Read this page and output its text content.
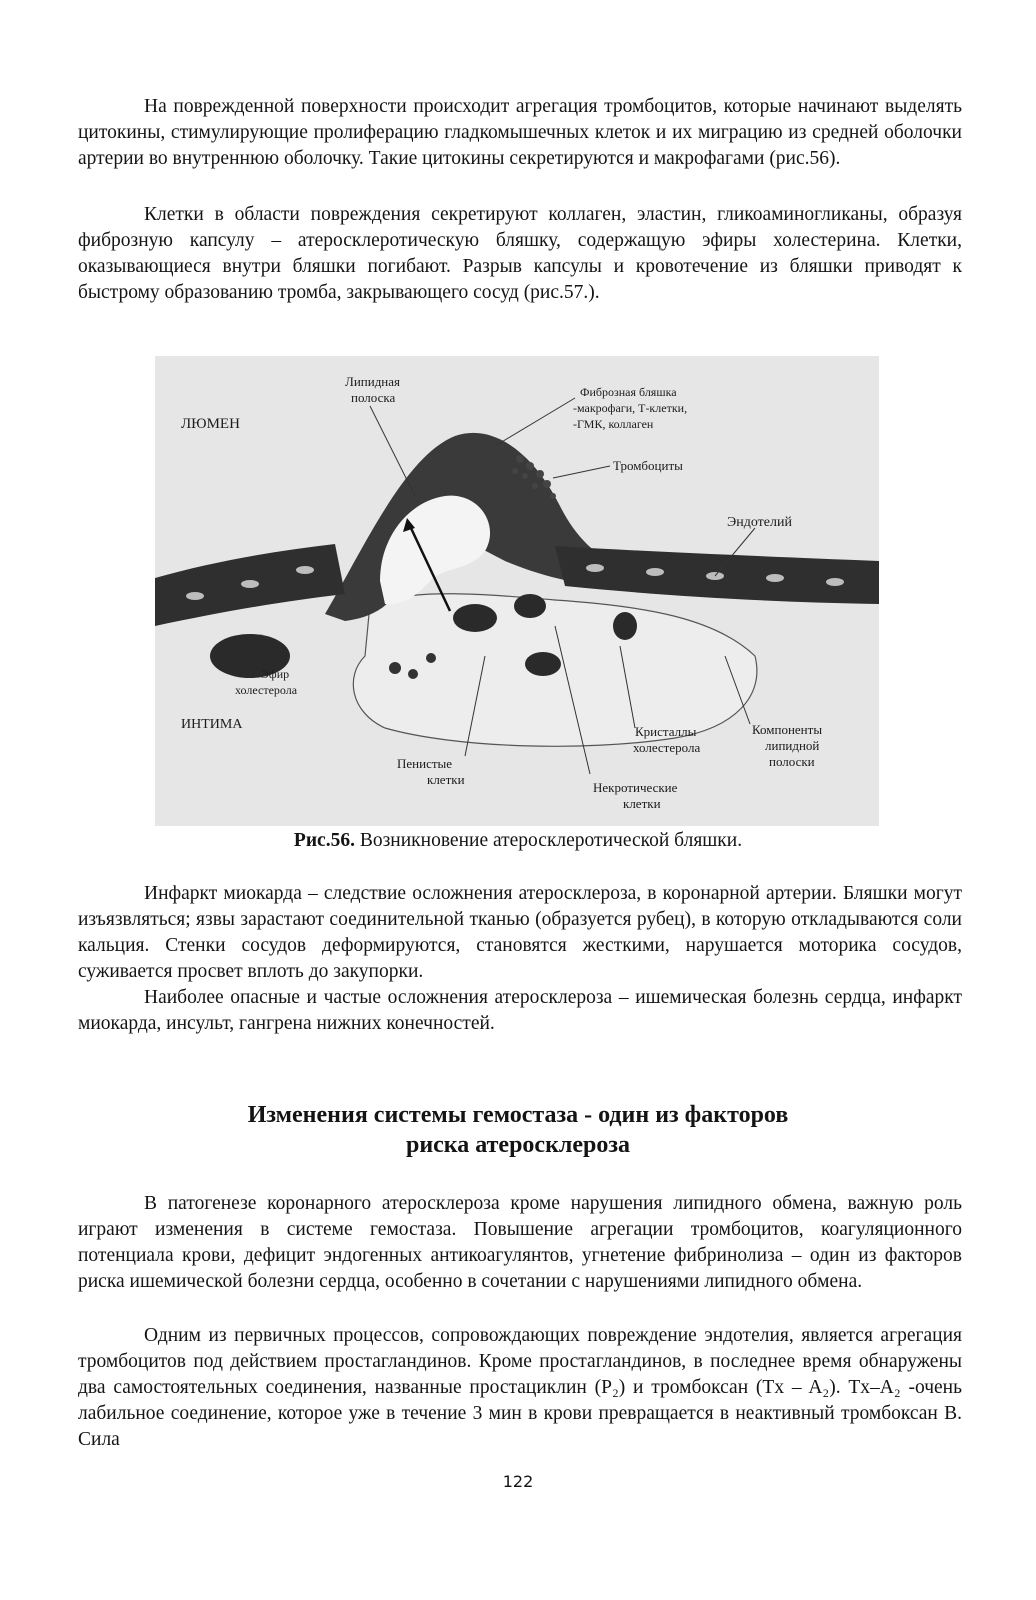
На поврежденной поверхности происходит агрегация тромбоцитов, которые начинают выделять цитокины, стимулирующие пролиферацию гладкомышечных клеток и их миграцию из средней оболочки артерии во внутреннюю оболочку. Такие цитокины секретируются и макрофагами (рис.56).

Клетки в области повреждения секретируют коллаген, эластин, гликоаминогликаны, образуя фиброзную капсулу – атеросклеротическую бляшку, содержащую эфиры холестерина. Клетки, оказывающиеся внутри бляшки погибают. Разрыв капсулы и кровотечение из бляшки приводят к быстрому образованию тромба, закрывающего сосуд (рис.57.).

ЛЮМЕН
Липидная
полоска	Фиброзная бляшка
-макрофаги, Т-клетки,
-ГМК, коллаген
Тромбоциты
Эндотелий
Эфир
холестерола
ИНТИМА
Пенистые
клетки
Кристаллы
холестерола
Компоненты
липидной
полоски
Некротические
клетки
Рис.56. Возникновение атеросклеротической бляшки.

Инфаркт миокарда – следствие осложнения атеросклероза, в коронарной артерии. Бляшки могут изъязвляться; язвы зарастают соединительной тканью (образуется рубец), в которую откладываются соли кальция. Стенки сосудов деформируются, становятся жесткими, нарушается моторика сосудов, суживается просвет вплоть до закупорки.

Наиболее опасные и частые осложнения атеросклероза – ишемическая болезнь сердца, инфаркт миокарда, инсульт, гангрена нижних конечностей.

Изменения системы гемостаза - один из факторов
риска атеросклероза

В патогенезе коронарного атеросклероза кроме нарушения липидного обмена, важную роль играют изменения в системе гемостаза. Повышение агрегации тромбоцитов, коагуляционного потенциала крови, дефицит эндогенных антикоагулянтов, угнетение фибринолиза – один из факторов риска ишемической болезни сердца, особенно в сочетании с нарушениями липидного обмена.

Одним из первичных процессов, сопровождающих повреждение эндотелия, является агрегация тромбоцитов под действием простагландинов. Кроме простагландинов, в последнее время обнаружены два самостоятельных соединения, названные простациклин (P₂) и тромбоксан (Tx – A₂). Tx–A₂ -очень лабильное соединение, которое уже в течение 3 мин в крови превращается в неактивный тромбоксан B. Сила

122
